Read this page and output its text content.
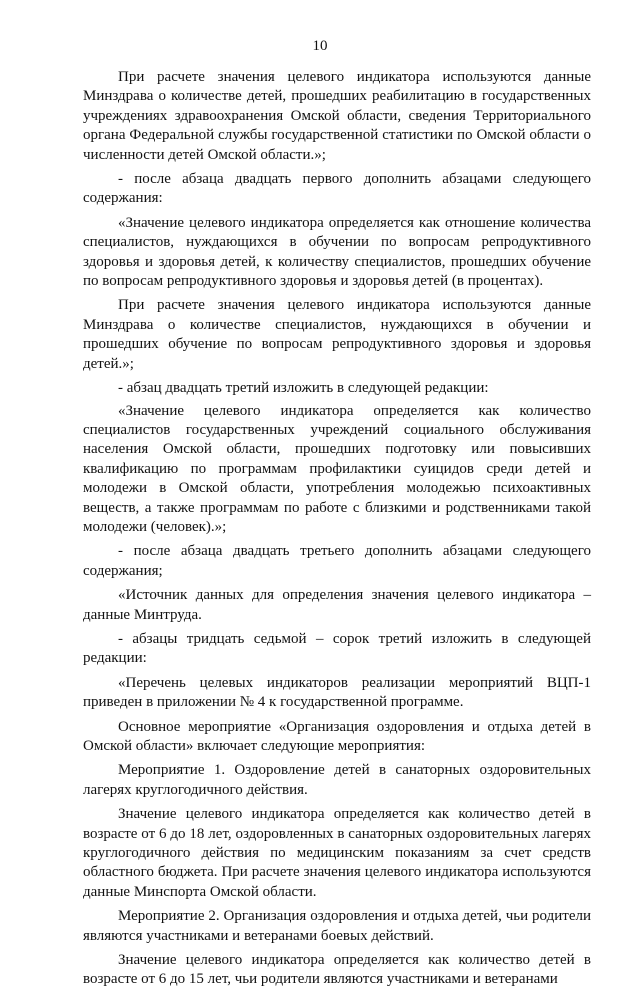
10

При расчете значения целевого индикатора используются данные Минздрава о количестве детей, прошедших реабилитацию в государственных учреждениях здравоохранения Омской области, сведения Территориального органа Федеральной службы государственной статистики по Омской области о численности детей Омской области.»;

- после абзаца двадцать первого дополнить абзацами следующего содержания:

«Значение целевого индикатора определяется как отношение количества специалистов, нуждающихся в обучении по вопросам репродуктивного здоровья и здоровья детей, к количеству специалистов, прошедших обучение по вопросам репродуктивного здоровья и здоровья детей (в процентах).

При расчете значения целевого индикатора используются данные Минздрава о количестве специалистов, нуждающихся в обучении и прошедших обучение по вопросам репродуктивного здоровья и здоровья детей.»;

- абзац двадцать третий изложить в следующей редакции:

«Значение целевого индикатора определяется как количество специалистов государственных учреждений социального обслуживания населения Омской области, прошедших подготовку или повысивших квалификацию по программам профилактики суицидов среди детей и молодежи в Омской области, употребления молодежью психоактивных веществ, а также программам по работе с близкими и родственниками такой молодежи (человек).»;

- после абзаца двадцать третьего дополнить абзацами следующего содержания;

«Источник данных для определения значения целевого индикатора – данные Минтруда.

- абзацы тридцать седьмой – сорок третий изложить в следующей редакции:

«Перечень целевых индикаторов реализации мероприятий ВЦП-1 приведен в приложении № 4 к государственной программе.

Основное мероприятие «Организация оздоровления и отдыха детей в Омской области» включает следующие мероприятия:

Мероприятие 1. Оздоровление детей в санаторных оздоровительных лагерях круглогодичного действия.

Значение целевого индикатора определяется как количество детей в возрасте от 6 до 18 лет, оздоровленных в санаторных оздоровительных лагерях круглогодичного действия по медицинским показаниям за счет средств областного бюджета. При расчете значения целевого индикатора используются данные Минспорта Омской области.

Мероприятие 2. Организация оздоровления и отдыха детей, чьи родители являются участниками и ветеранами боевых действий.

Значение целевого индикатора определяется как количество детей в возрасте от 6 до 15 лет, чьи родители являются участниками и ветеранами
